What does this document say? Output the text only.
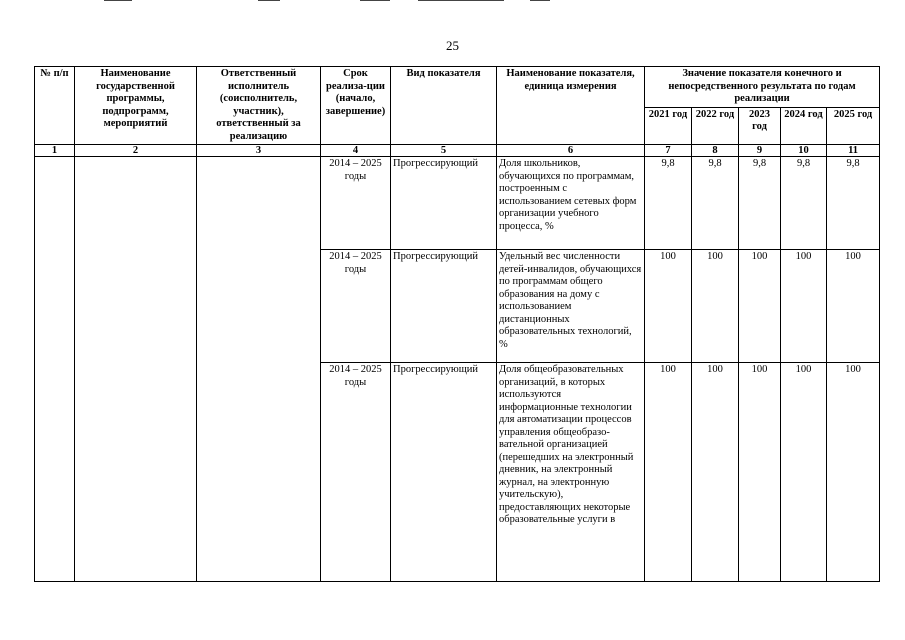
25
№ п/п	Наименование государственной программы, подпрограмм, мероприятий	Ответственный исполнитель (соисполнитель, участник), ответственный за реализацию	Срок реализа-ции (начало, завершение)	Вид показателя	Наименование показателя, единица измерения	Значение показателя конечного и непосредственного результата по годам реализации				
						2021 год	2022 год	2023 год	2024 год	2025 год
1	2	3	4	5	6	7	8	9	10	11
			2014 – 2025 годы	Прогрессирующий	Доля школьников, обучающихся по программам, построенным с использованием сетевых форм организации учебного процесса, %	9,8	9,8	9,8	9,8	9,8
			2014 – 2025 годы	Прогрессирующий	Удельный вес численности детей-инвалидов, обучающихся по программам общего образования на дому с использованием дистанционных образовательных технологий, %	100	100	100	100	100
			2014 – 2025 годы	Прогрессирующий	Доля общеобразовательных организаций, в которых используются информационные технологии для автоматизации процессов управления общеобразо-вательной организацией (перешедших на электронный дневник, на электронный журнал, на электронную учительскую), предоставляющих некоторые образовательные услуги в	100	100	100	100	100
